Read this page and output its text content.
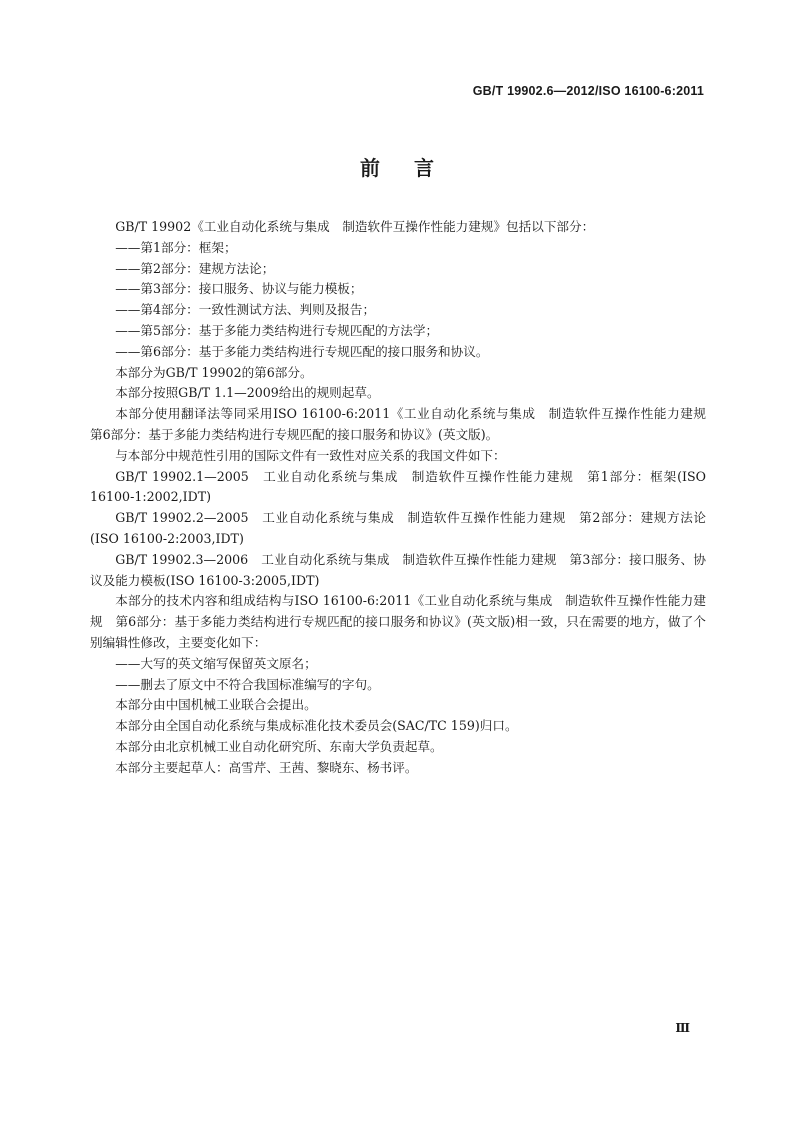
GB/T 19902.6—2012/ISO 16100-6:2011
前言

GB/T 19902《工业自动化系统与集成　制造软件互操作性能力建规》包括以下部分：

——第1部分：框架；

——第2部分：建规方法论；

——第3部分：接口服务、协议与能力模板；

——第4部分：一致性测试方法、判则及报告；

——第5部分：基于多能力类结构进行专规匹配的方法学；

——第6部分：基于多能力类结构进行专规匹配的接口服务和协议。

本部分为GB/T 19902的第6部分。

本部分按照GB/T 1.1—2009给出的规则起草。

本部分使用翻译法等同采用ISO 16100-6:2011《工业自动化系统与集成　制造软件互操作性能力建规　第6部分：基于多能力类结构进行专规匹配的接口服务和协议》(英文版)。

与本部分中规范性引用的国际文件有一致性对应关系的我国文件如下：

GB/T 19902.1—2005　工业自动化系统与集成　制造软件互操作性能力建规　第1部分：框架(ISO 16100-1:2002,IDT)

GB/T 19902.2—2005　工业自动化系统与集成　制造软件互操作性能力建规　第2部分：建规方法论(ISO 16100-2:2003,IDT)

GB/T 19902.3—2006　工业自动化系统与集成　制造软件互操作性能力建规　第3部分：接口服务、协议及能力模板(ISO 16100-3:2005,IDT)

本部分的技术内容和组成结构与ISO 16100-6:2011《工业自动化系统与集成　制造软件互操作性能力建规　第6部分：基于多能力类结构进行专规匹配的接口服务和协议》(英文版)相一致，只在需要的地方，做了个别编辑性修改，主要变化如下：

——大写的英文缩写保留英文原名；

——删去了原文中不符合我国标准编写的字句。

本部分由中国机械工业联合会提出。

本部分由全国自动化系统与集成标准化技术委员会(SAC/TC 159)归口。

本部分由北京机械工业自动化研究所、东南大学负责起草。

本部分主要起草人：高雪芹、王茜、黎晓东、杨书评。

Ⅲ
